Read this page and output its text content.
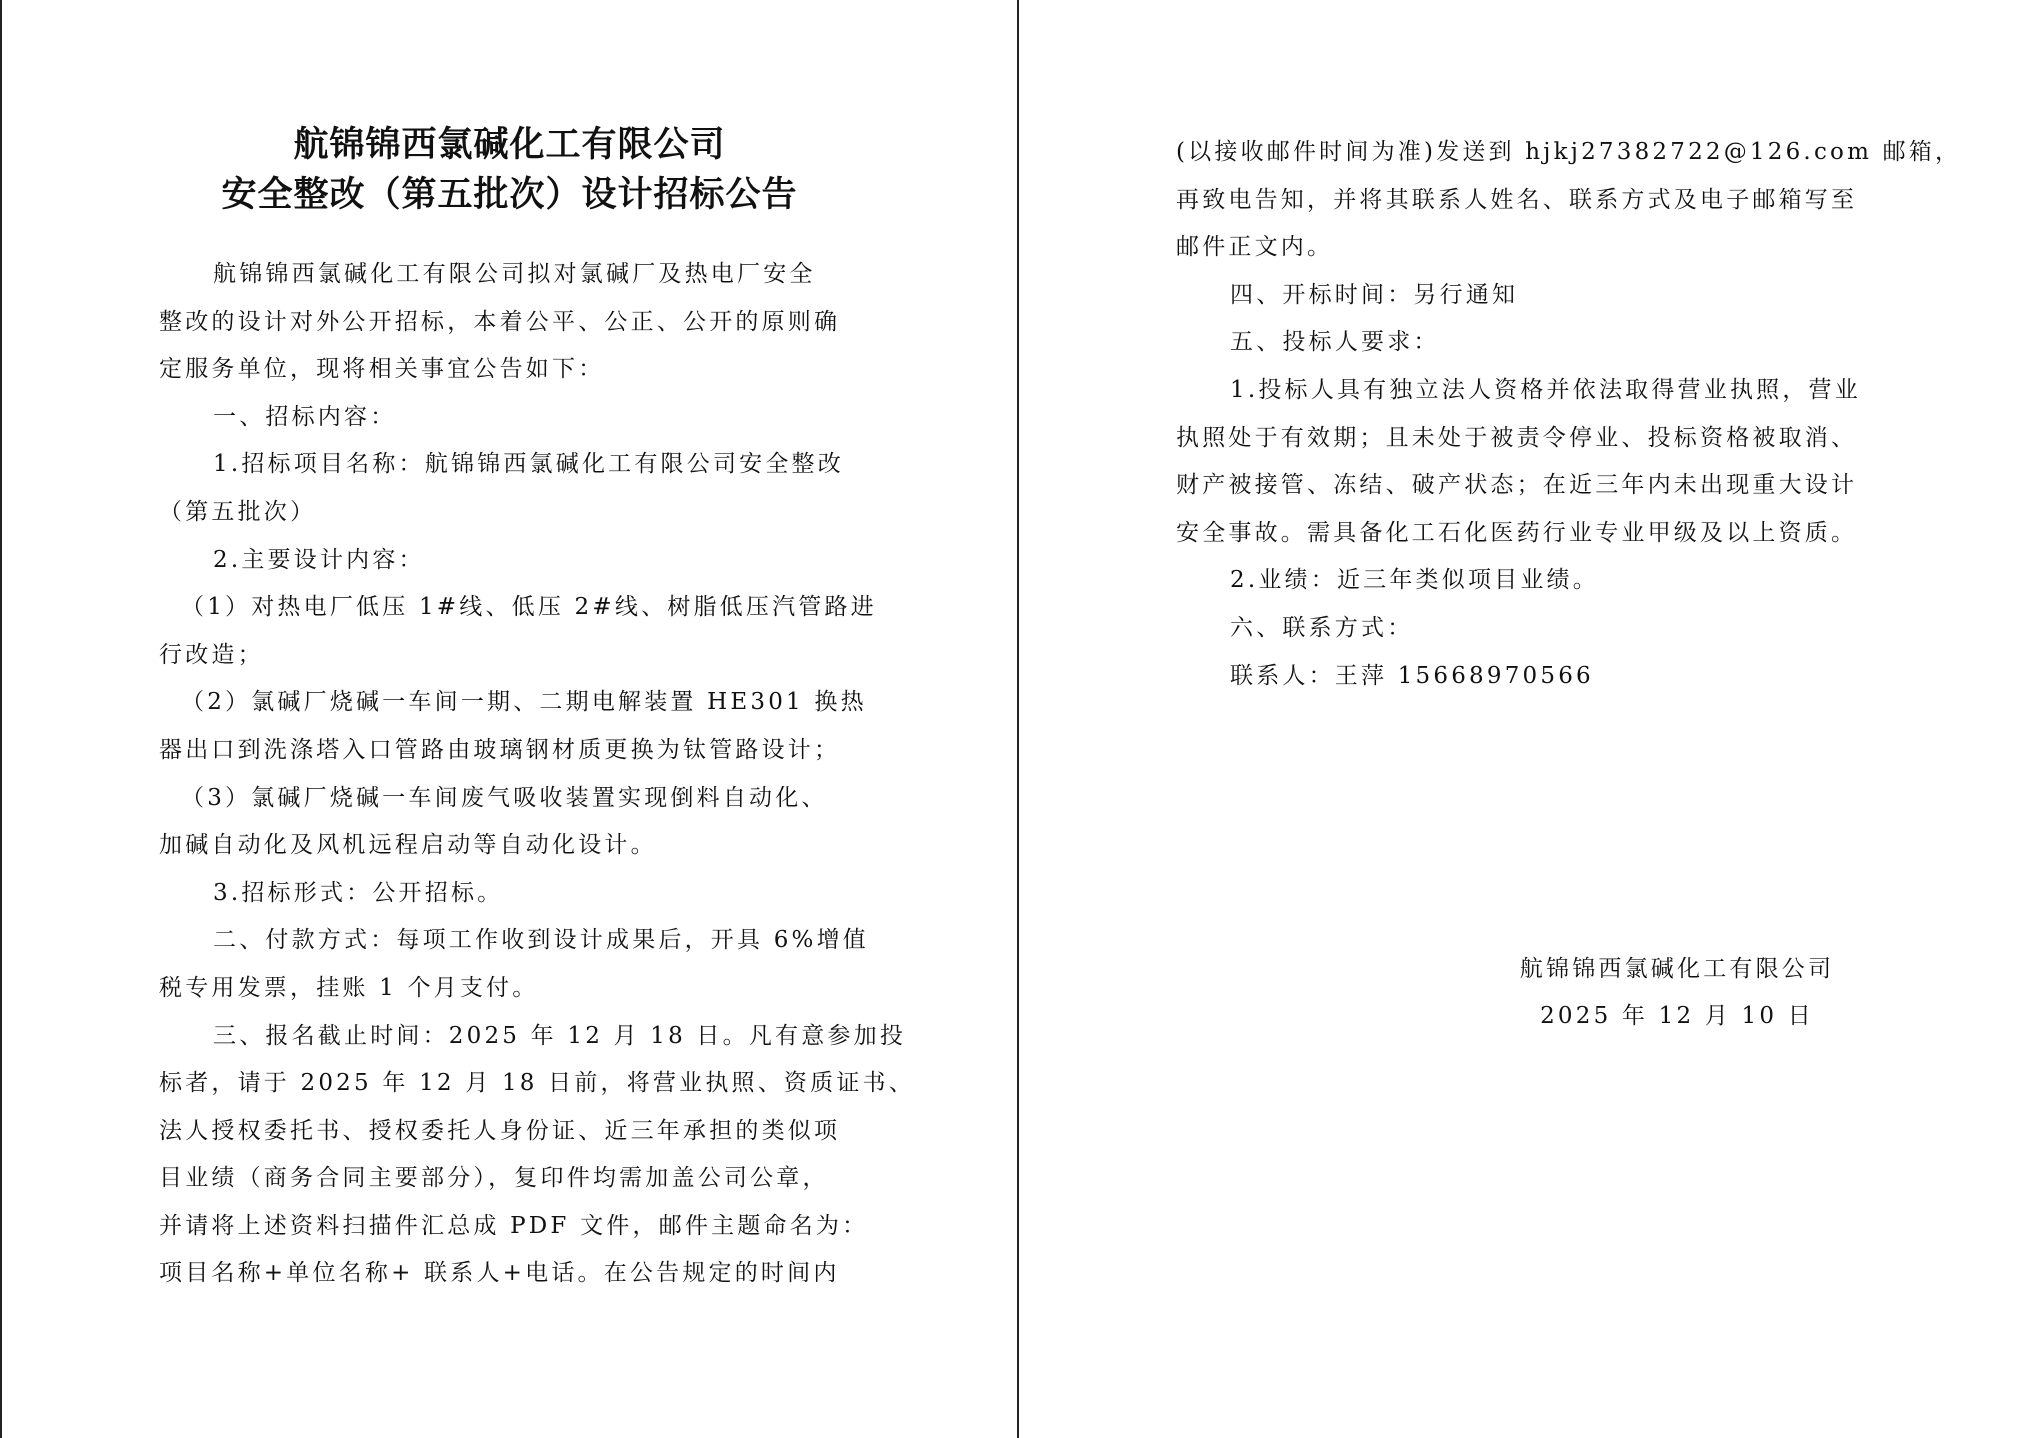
航锦锦西氯碱化工有限公司
安全整改（第五批次）设计招标公告
航锦锦西氯碱化工有限公司拟对氯碱厂及热电厂安全
整改的设计对外公开招标，本着公平、公正、公开的原则确
定服务单位，现将相关事宜公告如下：
一、招标内容：
1.招标项目名称：航锦锦西氯碱化工有限公司安全整改
（第五批次）
2.主要设计内容：
（1）对热电厂低压 1#线、低压 2#线、树脂低压汽管路进
行改造；
（2）氯碱厂烧碱一车间一期、二期电解装置 HE301 换热
器出口到洗涤塔入口管路由玻璃钢材质更换为钛管路设计；
（3）氯碱厂烧碱一车间废气吸收装置实现倒料自动化、
加碱自动化及风机远程启动等自动化设计。
3.招标形式：公开招标。
二、付款方式：每项工作收到设计成果后，开具 6%增值
税专用发票，挂账 1 个月支付。
三、报名截止时间：2025 年 12 月 18 日。凡有意参加投
标者，请于 2025 年 12 月 18 日前，将营业执照、资质证书、
法人授权委托书、授权委托人身份证、近三年承担的类似项
目业绩（商务合同主要部分），复印件均需加盖公司公章，
并请将上述资料扫描件汇总成 PDF 文件，邮件主题命名为：
项目名称+单位名称+ 联系人+电话。在公告规定的时间内
(以接收邮件时间为准)发送到 hjkj27382722@126.com 邮箱，
再致电告知，并将其联系人姓名、联系方式及电子邮箱写至
邮件正文内。
四、开标时间：另行通知
五、投标人要求：
1.投标人具有独立法人资格并依法取得营业执照，营业
执照处于有效期；且未处于被责令停业、投标资格被取消、
财产被接管、冻结、破产状态；在近三年内未出现重大设计
安全事故。需具备化工石化医药行业专业甲级及以上资质。
2.业绩：近三年类似项目业绩。
六、联系方式：
联系人：王萍 15668970566
航锦锦西氯碱化工有限公司
2025 年 12 月 10 日
